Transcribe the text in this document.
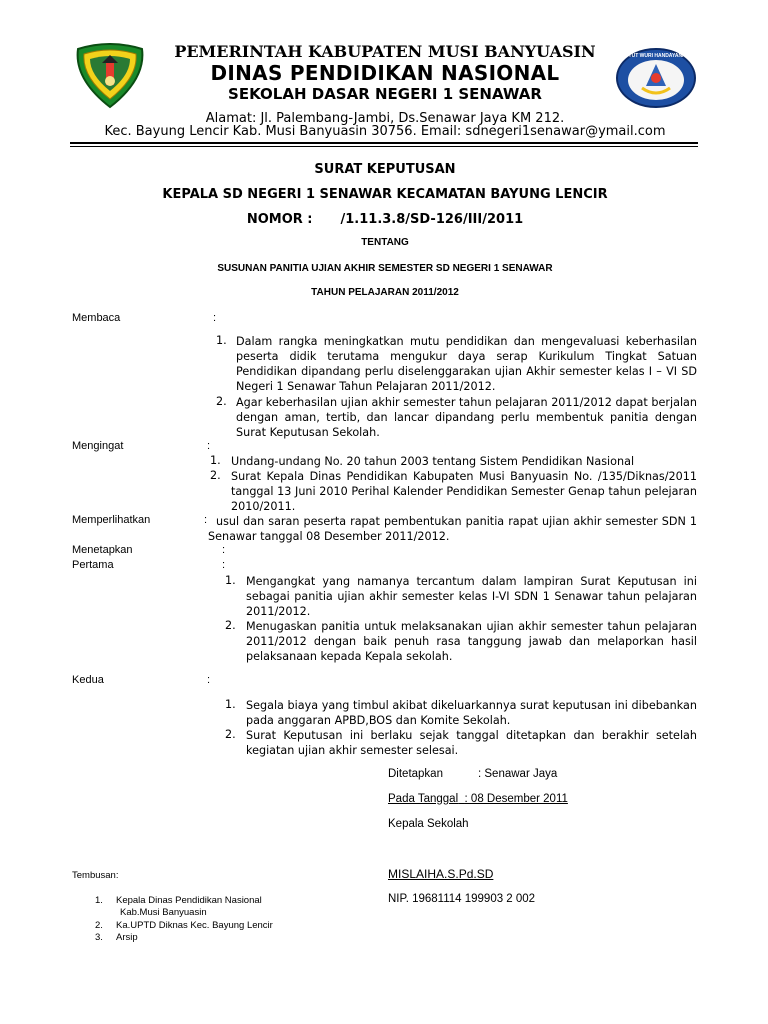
TUT WURI HANDAYANI
PEMERINTAH KABUPATEN MUSI BANYUASIN
DINAS PENDIDIKAN NASIONAL
SEKOLAH DASAR NEGERI 1 SENAWAR
Alamat: Jl. Palembang-Jambi, Ds.Senawar Jaya KM 212.
Kec. Bayung Lencir Kab. Musi Banyuasin 30756. Email: sdnegeri1senawar@ymail.com
SURAT KEPUTUSAN
KEPALA SD NEGERI 1 SENAWAR KECAMATAN BAYUNG LENCIR
NOMOR : /1.11.3.8/SD-126/III/2011
TENTANG
SUSUNAN PANITIA UJIAN AKHIR SEMESTER SD NEGERI 1 SENAWAR
TAHUN PELAJARAN 2011/2012
Membaca	:
1. Dalam rangka meningkatkan mutu pendidikan dan mengevaluasi keberhasilan peserta didik terutama mengukur daya serap Kurikulum Tingkat Satuan Pendidikan dipandang perlu diselenggarakan ujian Akhir semester kelas I – VI SD Negeri 1 Senawar Tahun Pelajaran 2011/2012.
2. Agar keberhasilan ujian akhir semester tahun pelajaran 2011/2012 dapat berjalan dengan aman, tertib, dan lancar dipandang perlu membentuk panitia dengan Surat Keputusan Sekolah.
Mengingat	:
1. Undang-undang No. 20 tahun 2003 tentang Sistem Pendidikan Nasional
2. Surat Kepala Dinas Pendidikan Kabupaten Musi Banyuasin No. /135/Diknas/2011 tanggal 13 Juni 2010 Perihal Kalender Pendidikan Semester Genap tahun pelejaran 2010/2011.
Memperlihatkan	: usul dan saran peserta rapat pembentukan panitia rapat ujian akhir semester SDN 1 Senawar tanggal 08 Desember 2011/2012.
Menetapkan	:
Pertama	:
1. Mengangkat yang namanya tercantum dalam lampiran Surat Keputusan ini sebagai panitia ujian akhir semester kelas I-VI SDN 1 Senawar tahun pelajaran 2011/2012.
2. Menugaskan panitia untuk melaksanakan ujian akhir semester tahun pelajaran 2011/2012 dengan baik penuh rasa tanggung jawab dan melaporkan hasil pelaksanaan kepada Kepala sekolah.
Kedua	:
1. Segala biaya yang timbul akibat dikeluarkannya surat keputusan ini dibebankan pada anggaran APBD,BOS dan Komite Sekolah.
2. Surat Keputusan ini berlaku sejak tanggal ditetapkan dan berakhir setelah kegiatan ujian akhir semester selesai.
Ditetapkan	: Senawar Jaya
Pada Tanggal : 08 Desember 2011
Kepala Sekolah
MISLAIHA.S.Pd.SD
NIP. 19681114 199903 2 002
Tembusan:
1. Kepala Dinas Pendidikan Nasional
Kab.Musi Banyuasin
2. Ka.UPTD Diknas Kec. Bayung Lencir
3. Arsip
